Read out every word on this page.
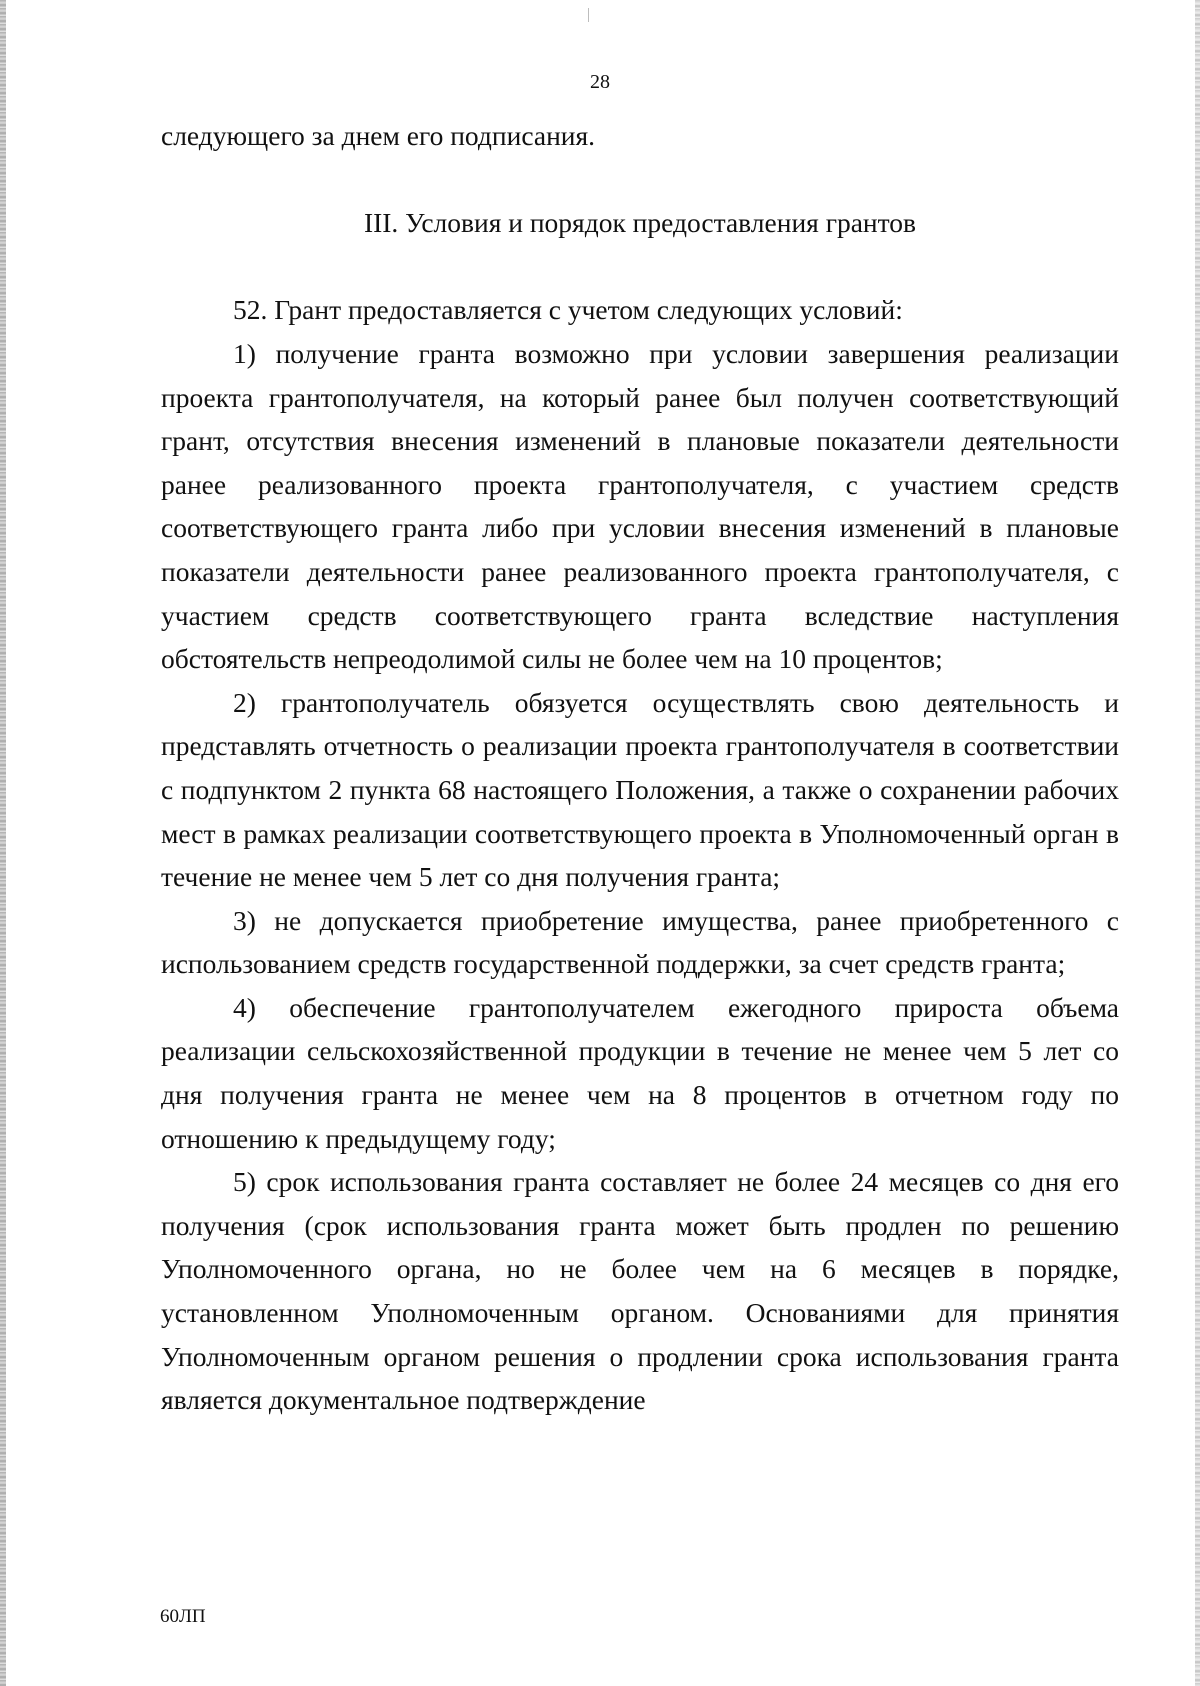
28

следующего за днем его подписания.

III. Условия и порядок предоставления грантов

52. Грант предоставляется с учетом следующих условий:

1) получение гранта возможно при условии завершения реализации проекта грантополучателя, на который ранее был получен соответствующий грант, отсутствия внесения изменений в плановые показатели деятельности ранее реализованного проекта грантополучателя, с участием средств соответствующего гранта либо при условии внесения изменений в плановые показатели деятельности ранее реализованного проекта грантополучателя, с участием средств соответствующего гранта вследствие наступления обстоятельств непреодолимой силы не более чем на 10 процентов;

2) грантополучатель обязуется осуществлять свою деятельность и представлять отчетность о реализации проекта грантополучателя в соответствии с подпунктом 2 пункта 68 настоящего Положения, а также о сохранении рабочих мест в рамках реализации соответствующего проекта в Уполномоченный орган в течение не менее чем 5 лет со дня получения гранта;

3) не допускается приобретение имущества, ранее приобретенного с использованием средств государственной поддержки, за счет средств гранта;

4) обеспечение грантополучателем ежегодного прироста объема реализации сельскохозяйственной продукции в течение не менее чем 5 лет со дня получения гранта не менее чем на 8 процентов в отчетном году по отношению к предыдущему году;

5) срок использования гранта составляет не более 24 месяцев со дня его получения (срок использования гранта может быть продлен по решению Уполномоченного органа, но не более чем на 6 месяцев в порядке, установленном Уполномоченным органом. Основаниями для принятия Уполномоченным органом решения о продлении срока использования гранта является документальное подтверждение

60ЛП
